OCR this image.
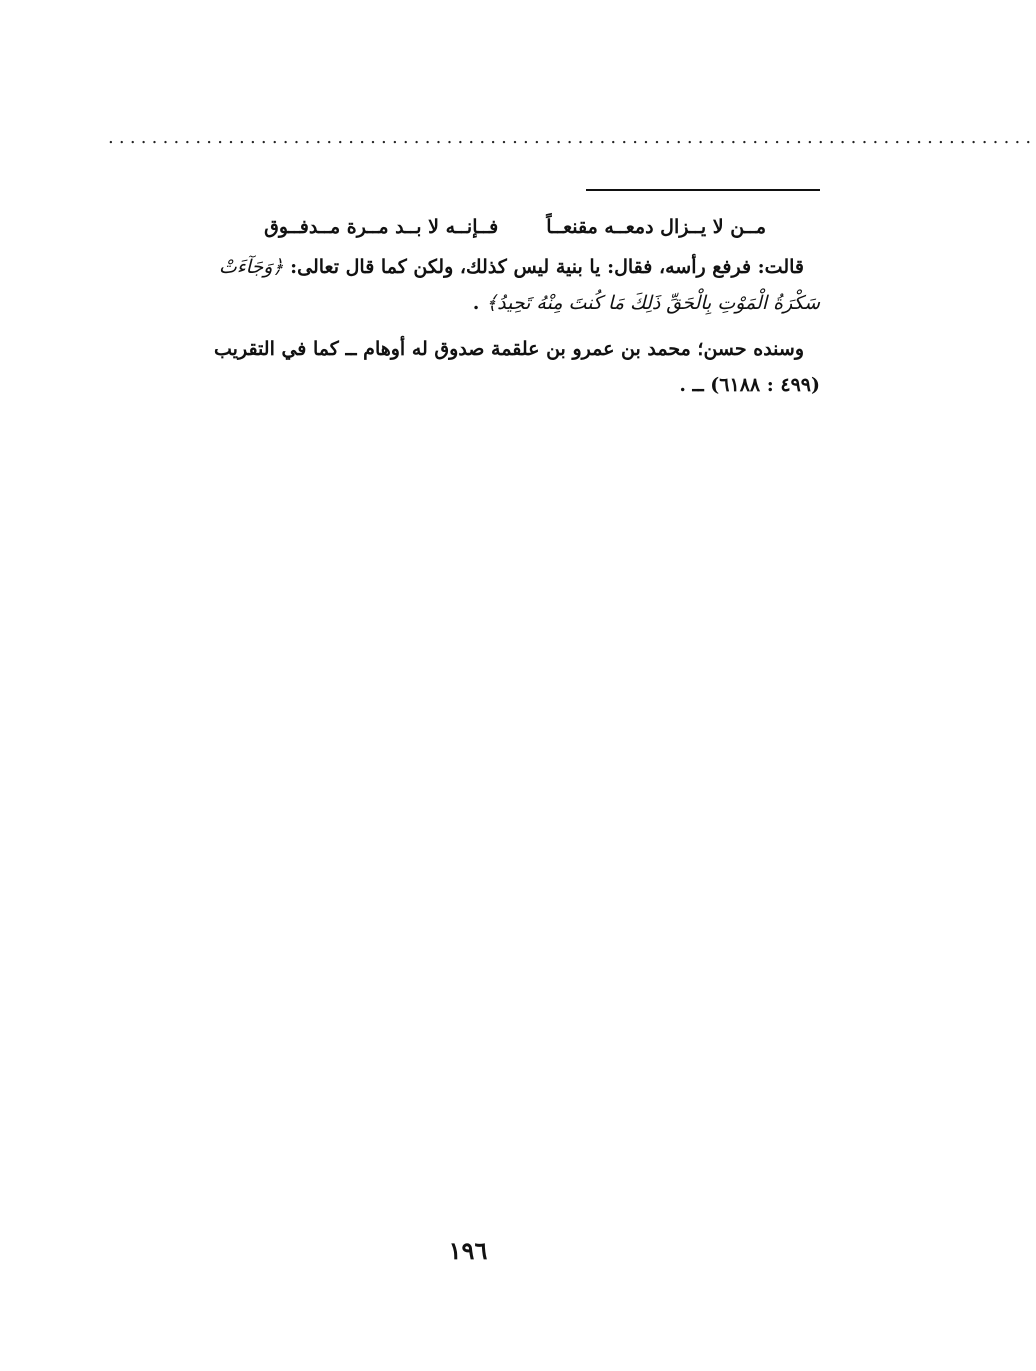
.....................................................................................
مــن لا يــزال دمعــه مقنعــاً
فــإنــه لا بــد مــرة مــدفــوق
قالت: فرفع رأسه، فقال: يا بنية ليس كذلك، ولكن كما قال تعالى: ﴿وَجَآءَتْ
سَكْرَةُ الْمَوْتِ بِالْحَقِّ ذَلِكَ مَا كُنتَ مِنْهُ تَحِيدُ﴾ .
وسنده حسن؛ محمد بن عمرو بن علقمة صدوق له أوهام ــ كما في التقريب
(٤٩٩ : ٦١٨٨) ــ .
١٩٦
